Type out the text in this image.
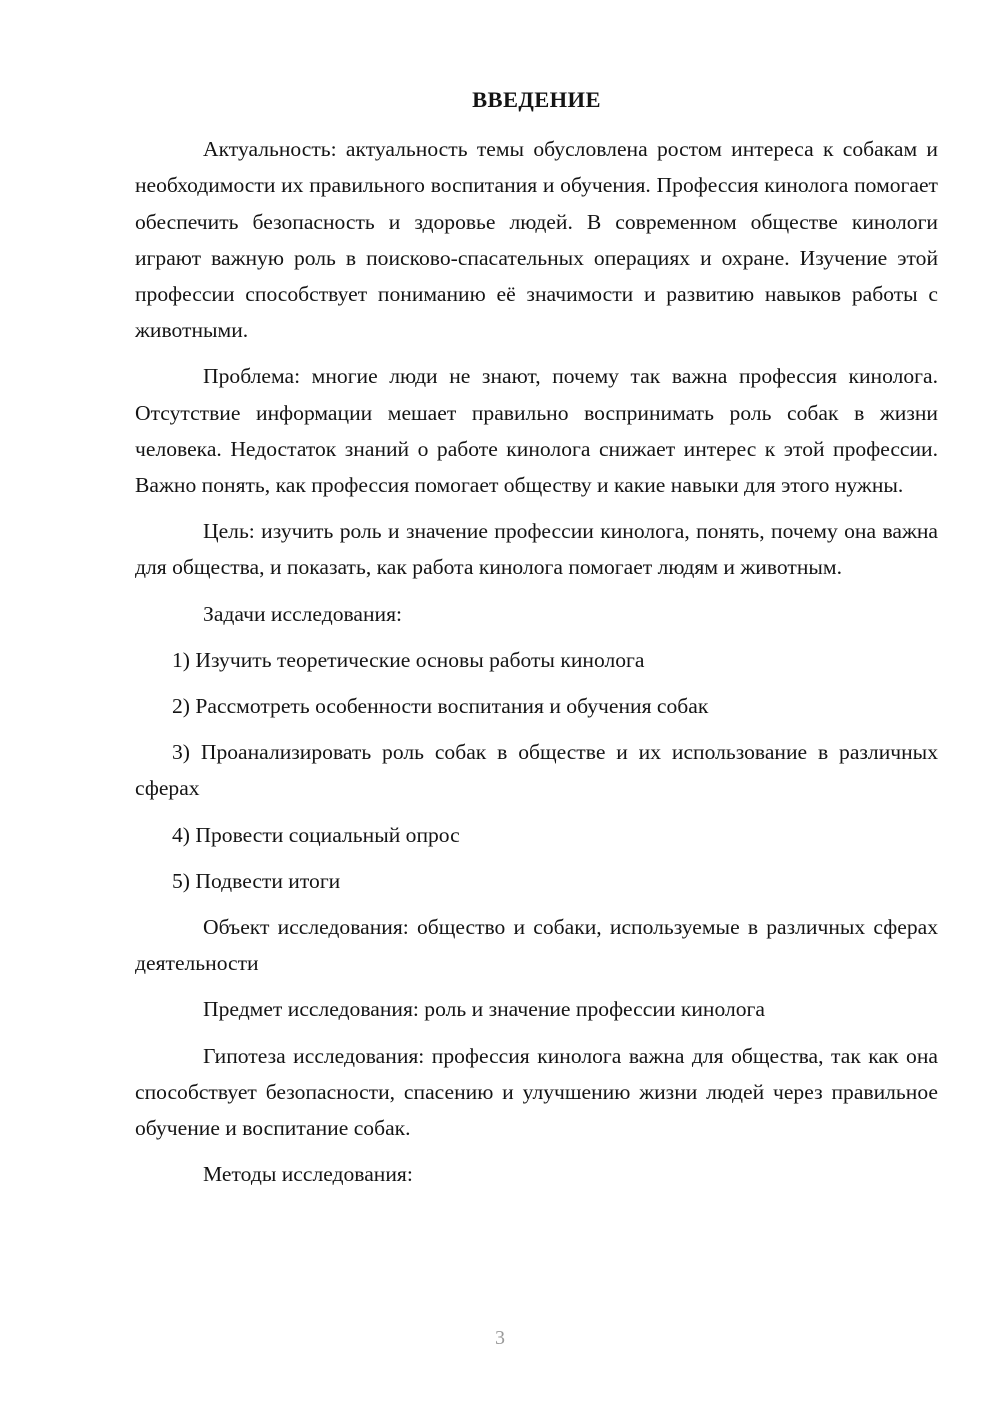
ВВЕДЕНИЕ

Актуальность: актуальность темы обусловлена ростом интереса к собакам и необходимости их правильного воспитания и обучения. Профессия кинолога помогает обеспечить безопасность и здоровье людей. В современном обществе кинологи играют важную роль в поисково-спасательных операциях и охране. Изучение этой профессии способствует пониманию её значимости и развитию навыков работы с животными.

Проблема: многие люди не знают, почему так важна профессия кинолога. Отсутствие информации мешает правильно воспринимать роль собак в жизни человека. Недостаток знаний о работе кинолога снижает интерес к этой профессии. Важно понять, как профессия помогает обществу и какие навыки для этого нужны.

Цель: изучить роль и значение профессии кинолога, понять, почему она важна для общества, и показать, как работа кинолога помогает людям и животным.

Задачи исследования:

1) Изучить теоретические основы работы кинолога

2) Рассмотреть особенности воспитания и обучения собак

3) Проанализировать роль собак в обществе и их использование в различных сферах

4) Провести социальный опрос

5) Подвести итоги

Объект исследования: общество и собаки, используемые в различных сферах деятельности

Предмет исследования: роль и значение профессии кинолога

Гипотеза исследования: профессия кинолога важна для общества, так как она способствует безопасности, спасению и улучшению жизни людей через правильное обучение и воспитание собак.

Методы исследования:

3
